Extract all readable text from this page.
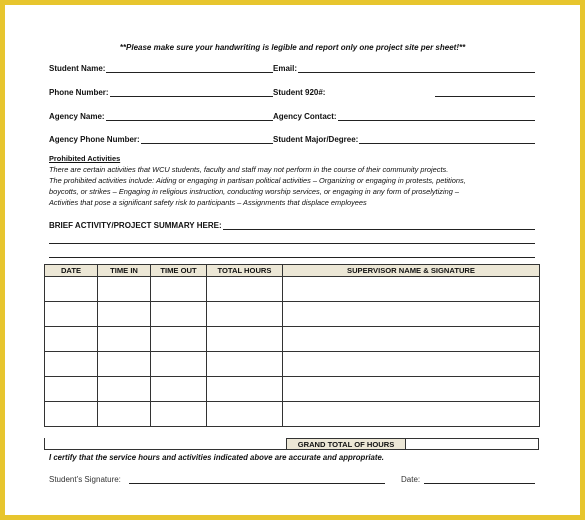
**Please make sure your handwriting is legible and report only one project site per sheet!**
Student Name:	Email:
Phone Number:	Student 920#:
Agency Name:	Agency Contact:
Agency Phone Number:	Student Major/Degree:
Prohibited Activities
There are certain activities that WCU students, faculty and staff may not perform in the course of their community projects.
The prohibited activities include: Aiding or engaging in partisan political activities – Organizing or engaging in protests, petitions,
boycotts, or strikes – Engaging in religious instruction, conducting worship services, or engaging in any form of proselytizing –
Activities that pose a significant safety risk to participants – Assignments that displace employees
BRIEF ACTIVITY/PROJECT SUMMARY HERE:
DATE	TIME IN	TIME OUT	TOTAL HOURS	SUPERVISOR NAME & SIGNATURE

GRAND TOTAL OF HOURS
I certify that the service hours and activities indicated above are accurate and appropriate.
Student’s Signature:	Date:
